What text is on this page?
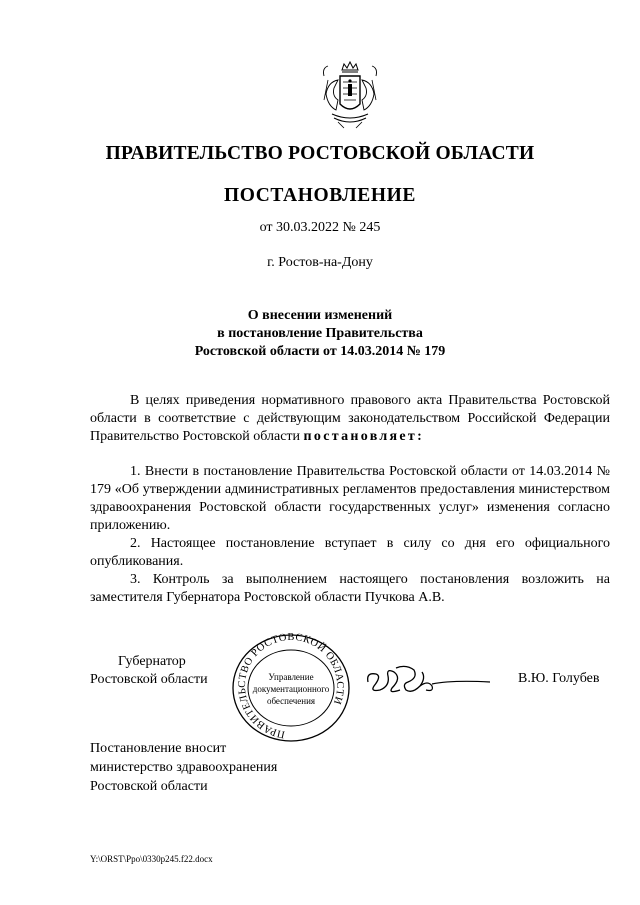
ПРАВИТЕЛЬСТВО РОСТОВСКОЙ ОБЛАСТИ
ПОСТАНОВЛЕНИЕ
от 30.03.2022 № 245
г. Ростов-на-Дону
О внесении изменений
в постановление Правительства
Ростовской области от 14.03.2014 № 179

В целях приведения нормативного правового акта Правительства Ростовской области в соответствие с действующим законодательством Российской Федерации Правительство Ростовской области постановляет:

1. Внести в постановление Правительства Ростовской области от 14.03.2014 № 179 «Об утверждении административных регламентов предоставления министерством здравоохранения Ростовской области государственных услуг» изменения согласно приложению.

2. Настоящее постановление вступает в силу со дня его официального опубликования.

3. Контроль за выполнением настоящего постановления возложить на заместителя Губернатора Ростовской области Пучкова А.В.

Губернатор
Ростовской области
ПРАВИТЕЛЬСТВО РОСТОВСКОЙ ОБЛАСТИ
Управление
документационного
обеспечения
В.Ю. Голубев
Постановление вносит
министерство здравоохранения
Ростовской области
Y:\ORST\Ppo\0330p245.f22.docx
